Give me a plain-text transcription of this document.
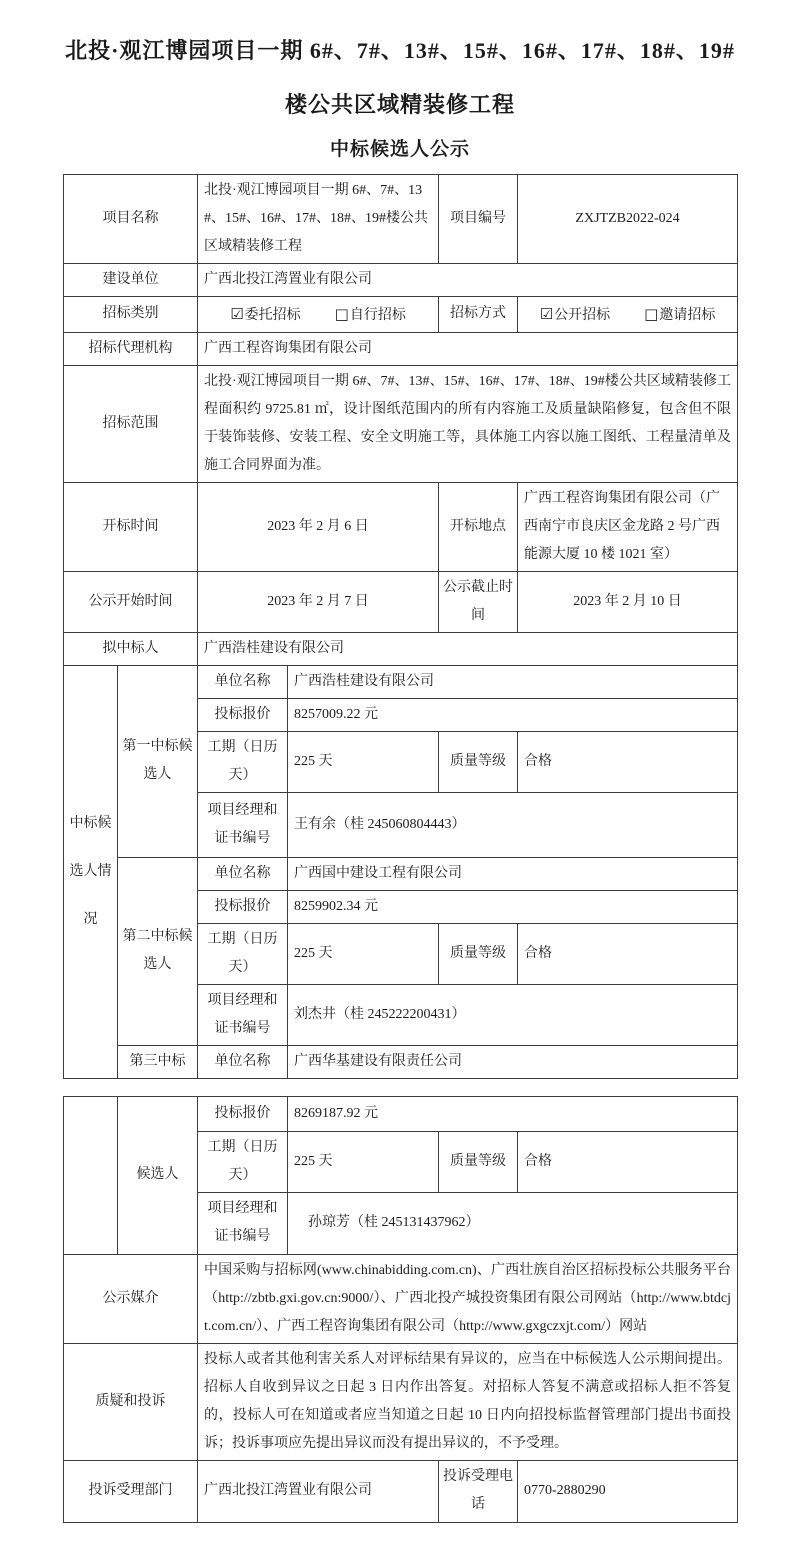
北投·观江博园项目一期 6#、7#、13#、15#、16#、17#、18#、19#
楼公共区域精装修工程
中标候选人公示
项目名称		北投·观江博园项目一期 6#、7#、13#、15#、16#、17#、18#、19#楼公共区域精装修工程		项目编号	ZXJTZB2022-024
建设单位		广西北投江湾置业有限公司			
招标类别		☑委托招标 □自行招标		招标方式	☑公开招标 □邀请招标

招标代理机构		广西工程咨询集团有限公司			
招标范围		北投·观江博园项目一期 6#、7#、13#、15#、16#、17#、18#、19#楼公共区域精装修工程面积约 9725.81 ㎡，设计图纸范围内的所有内容施工及质量缺陷修复，包含但不限于装饰装修、安装工程、安全文明施工等，具体施工内容以施工图纸、工程量清单及施工合同界面为准。			
开标时间		2023 年 2 月 6 日		开标地点	广西工程咨询集团有限公司（广西南宁市良庆区金龙路 2 号广西能源大厦 10 楼 1021 室）
公示开始时间		2023 年 2 月 7 日		公示截止时间	2023 年 2 月 10 日
拟中标人		广西浩桂建设有限公司			
中标候选人情况	第一中标候选人	单位名称	广西浩桂建设有限公司		
		投标报价	8257009.22 元		
		工期（日历天）	225 天	质量等级	合格
		项目经理和证书编号	王有余（桂 245060804443）		
	第二中标候选人	单位名称	广西国中建设工程有限公司		
		投标报价	8259902.34 元		
		工期（日历天）	225 天	质量等级	合格
		项目经理和证书编号	刘杰井（桂 245222200431）		
	第三中标	单位名称	广西华基建设有限责任公司		
	候选人	投标报价	8269187.92 元		
		工期（日历天）	225 天	质量等级	合格
		项目经理和证书编号	孙琼芳（桂 245131437962）		
公示媒介		中国采购与招标网(www.chinabidding.com.cn)、广西壮族自治区招标投标公共服务平台（http://zbtb.gxi.gov.cn:9000/）、广西北投产城投资集团有限公司网站（http://www.btdcjt.com.cn/）、广西工程咨询集团有限公司（http://www.gxgczxjt.com/）网站			
质疑和投诉		投标人或者其他利害关系人对评标结果有异议的，应当在中标候选人公示期间提出。招标人自收到异议之日起 3 日内作出答复。对招标人答复不满意或招标人拒不答复的，投标人可在知道或者应当知道之日起 10 日内向招投标监督管理部门提出书面投诉；投诉事项应先提出异议而没有提出异议的，不予受理。			
投诉受理部门		广西北投江湾置业有限公司		投诉受理电话	0770-2880290
